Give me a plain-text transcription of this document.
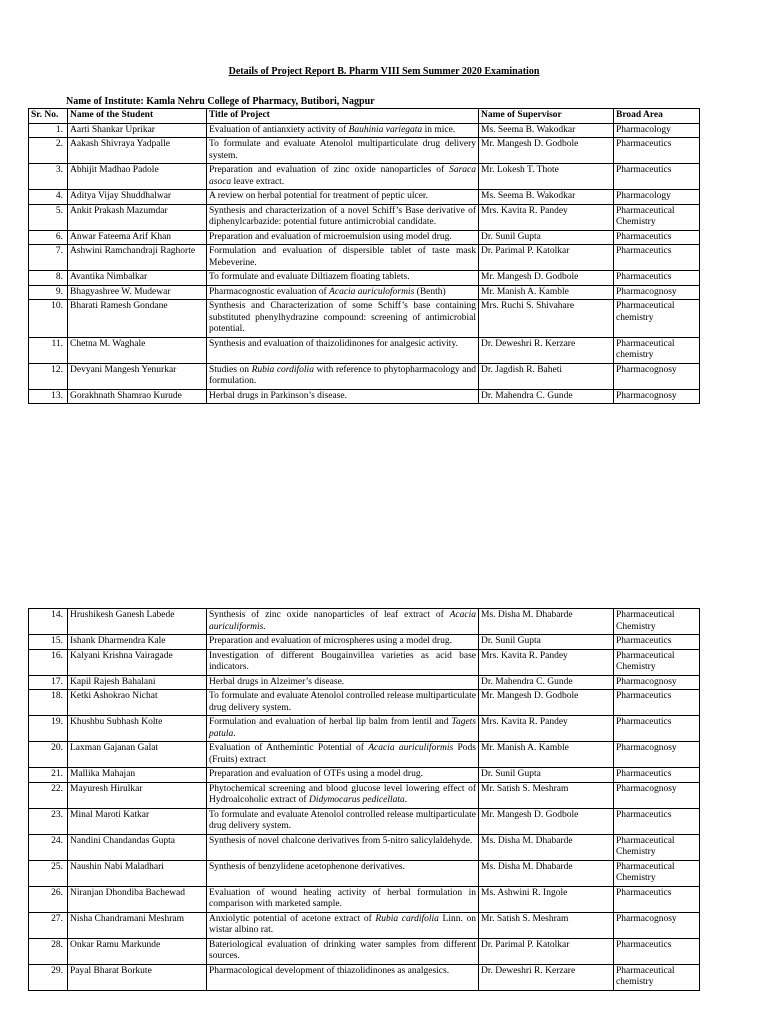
Details of Project Report B. Pharm VIII Sem Summer 2020 Examination
Name of Institute: Kamla Nehru College of Pharmacy, Butibori, Nagpur
Sr. No.	Name of the Student	Title of Project	Name of Supervisor	Broad Area
1.	Aarti Shankar Uprikar	Evaluation of antianxiety activity of Bauhinia variegata in mice.	Ms. Seema B. Wakodkar	Pharmacology
2.	Aakash Shivraya Yadpalle	To formulate and evaluate Atenolol multiparticulate drug delivery system.	Mr. Mangesh D. Godbole	Pharmaceutics
3.	Abhijit Madhao Padole	Preparation and evaluation of zinc oxide nanoparticles of Saraca asoca leave extract.	Mr. Lokesh T. Thote	Pharmaceutics
4.	Aditya Vijay Shuddhalwar	A review on herbal potential for treatment of peptic ulcer.	Ms. Seema B. Wakodkar	Pharmacology
5.	Ankit Prakash Mazumdar	Synthesis and characterization of a novel Schiff’s Base derivative of diphenylcarbazide: potential future antimicrobial candidate.	Mrs. Kavita R. Pandey	Pharmaceutical Chemistry
6.	Anwar Fateema Arif Khan	Preparation and evaluation of microemulsion using model drug.	Dr. Sunil Gupta	Pharmaceutics
7.	Ashwini Ramchandraji Raghorte	Formulation and evaluation of dispersible tablet of taste mask Mebeverine.	Dr. Parimal P. Katolkar	Pharmaceutics
8.	Avantika Nimbalkar	To formulate and evaluate Diltiazem floating tablets.	Mr. Mangesh D. Godbole	Pharmaceutics
9.	Bhagyashree W. Mudewar	Pharmacognostic evaluation of Acacia auriculoformis (Benth)	Mr. Manish A. Kamble	Pharmacognosy
10.	Bharati Ramesh Gondane	Synthesis and Characterization of some Schiff’s base containing substituted phenylhydrazine compound: screening of antimicrobial potential.	Mrs. Ruchi S. Shivahare	Pharmaceutical chemistry
11.	Chetna M. Waghale	Synthesis and evaluation of thaizolidinones for analgesic activity.	Dr. Deweshri R. Kerzare	Pharmaceutical chemistry
12.	Devyani Mangesh Yenurkar	Studies on Rubia cordifolia with reference to phytopharmacology and formulation.	Dr. Jagdish R. Baheti	Pharmacognosy
13.	Gorakhnath Shamrao Kurude	Herbal drugs in Parkinson’s disease.	Dr. Mahendra C. Gunde	Pharmacognosy
14.	Hrushikesh Ganesh Labede	Synthesis of zinc oxide nanoparticles of leaf extract of Acacia auriculiformis.	Ms. Disha M. Dhabarde	Pharmaceutical Chemistry
15.	Ishank Dharmendra Kale	Preparation and evaluation of microspheres using a model drug.	Dr. Sunil Gupta	Pharmaceutics
16.	Kalyani Krishna Vairagade	Investigation of different Bougainvillea varieties as acid base indicators.	Mrs. Kavita R. Pandey	Pharmaceutical Chemistry
17.	Kapil Rajesh Bahalani	Herbal drugs in Alzeimer’s disease.	Dr. Mahendra C. Gunde	Pharmacognosy
18.	Ketki Ashokrao Nichat	To formulate and evaluate Atenolol controlled release multiparticulate drug delivery system.	Mr. Mangesh D. Godbole	Pharmaceutics
19.	Khushbu Subhash Kolte	Formulation and evaluation of herbal lip balm from lentil and Tagets patula.	Mrs. Kavita R. Pandey	Pharmaceutics
20.	Laxman Gajanan Galat	Evaluation of Anthemintic Potential of Acacia auriculiformis Pods (Fruits) extract	Mr. Manish A. Kamble	Pharmacognosy
21.	Mallika Mahajan	Preparation and evaluation of OTFs using a model drug.	Dr. Sunil Gupta	Pharmaceutics
22.	Mayuresh Hirulkar	Phytochemical screening and blood glucose level lowering effect of Hydroalcoholic extract of Didymocarus pedicellata.	Mr. Satish S. Meshram	Pharmacognosy
23.	Minal Maroti Katkar	To formulate and evaluate Atenolol controlled release multiparticulate drug delivery system.	Mr. Mangesh D. Godbole	Pharmaceutics
24.	Nandini Chandandas Gupta	Synthesis of novel chalcone derivatives from 5-nitro salicylaldehyde.	Ms. Disha M. Dhabarde	Pharmaceutical Chemistry
25.	Naushin Nabi Maladhari	Synthesis of benzylidene acetophenone derivatives.	Ms. Disha M. Dhabarde	Pharmaceutical Chemistry
26.	Niranjan Dhondiba Bachewad	Evaluation of wound healing activity of herbal formulation in comparison with marketed sample.	Ms. Ashwini R. Ingole	Pharmaceutics
27.	Nisha Chandramani Meshram	Anxiolytic potential of acetone extract of Rubia cardifolia Linn. on wistar albino rat.	Mr. Satish S. Meshram	Pharmacognosy
28.	Onkar Ramu Markunde	Bateriological evaluation of drinking water samples from different sources.	Dr. Parimal P. Katolkar	Pharmaceutics
29.	Payal Bharat Borkute	Pharmacological development of thiazolidinones as analgesics.	Dr. Deweshri R. Kerzare	Pharmaceutical chemistry
